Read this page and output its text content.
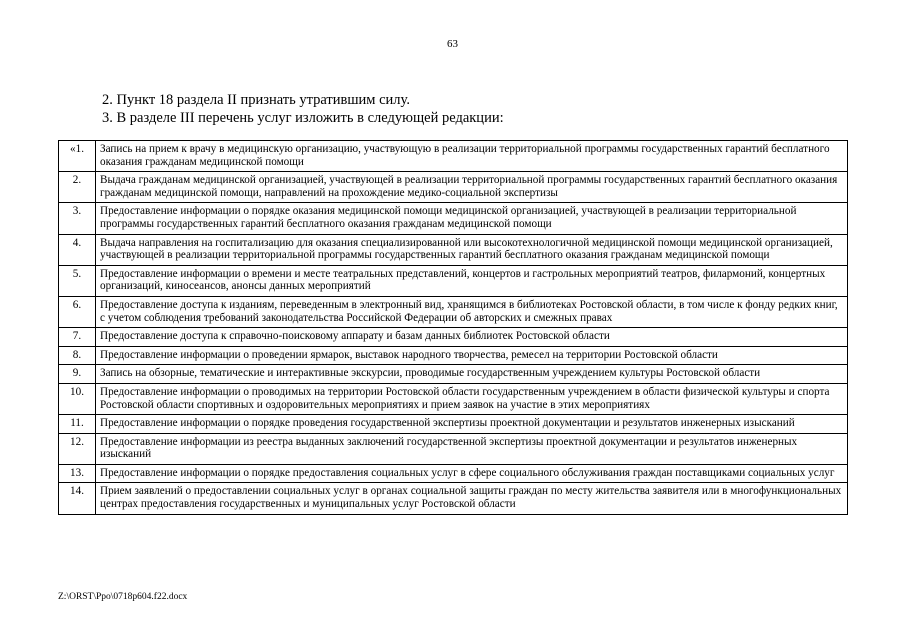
63
2. Пункт 18 раздела II признать утратившим силу.
3. В разделе III перечень услуг изложить в следующей редакции:
«1.	Запись на прием к врачу в медицинскую организацию, участвующую в реализации территориальной программы государственных гарантий бесплатного оказания гражданам медицинской помощи
2.	Выдача гражданам медицинской организацией, участвующей в реализации территориальной программы государственных гарантий бесплатного оказания гражданам медицинской помощи, направлений на прохождение медико-социальной экспертизы
3.	Предоставление информации о порядке оказания медицинской помощи медицинской организацией, участвующей в реализации территориальной программы государственных гарантий бесплатного оказания гражданам медицинской помощи
4.	Выдача направления на госпитализацию для оказания специализированной или высокотехнологичной медицинской помощи медицинской организацией, участвующей в реализации территориальной программы государственных гарантий бесплатного оказания гражданам медицинской помощи
5.	Предоставление информации о времени и месте театральных представлений, концертов и гастрольных мероприятий театров, филармоний, концертных организаций, киносеансов, анонсы данных мероприятий
6.	Предоставление доступа к изданиям, переведенным в электронный вид, хранящимся в библиотеках Ростовской области, в том числе к фонду редких книг, с учетом соблюдения требований законодательства Российской Федерации об авторских и смежных правах
7.	Предоставление доступа к справочно-поисковому аппарату и базам данных библиотек Ростовской области
8.	Предоставление информации о проведении ярмарок, выставок народного творчества, ремесел на территории Ростовской области
9.	Запись на обзорные, тематические и интерактивные экскурсии, проводимые государственным учреждением культуры Ростовской области
10.	Предоставление информации о проводимых на территории Ростовской области государственным учреждением в области физической культуры и спорта Ростовской области спортивных и оздоровительных мероприятиях и прием заявок на участие в этих мероприятиях
11.	Предоставление информации о порядке проведения государственной экспертизы проектной документации и результатов инженерных изысканий
12.	Предоставление информации из реестра выданных заключений государственной экспертизы проектной документации и результатов инженерных изысканий
13.	Предоставление информации о порядке предоставления социальных услуг в сфере социального обслуживания граждан поставщиками социальных услуг
14.	Прием заявлений о предоставлении социальных услуг в органах социальной защиты граждан по месту жительства заявителя или в многофункциональных центрах предоставления государственных и муниципальных услуг Ростовской области
Z:\ORST\Ppo\0718p604.f22.docx
